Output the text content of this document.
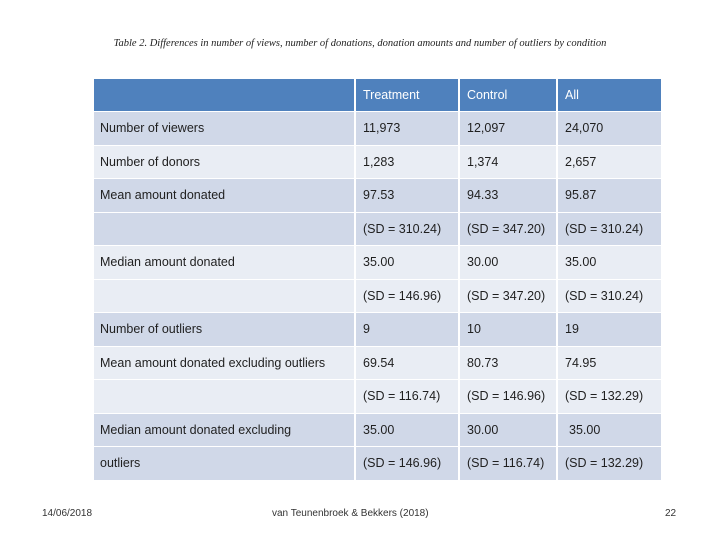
Table 2. Differences in number of views, number of donations, donation amounts and number of outliers by condition
	Treatment	Control	All
Number of viewers	11,973	12,097	24,070
Number of donors	1,283	1,374	2,657
Mean amount donated	97.53	94.33	95.87
	(SD = 310.24)	(SD = 347.20)	(SD = 310.24)
Median amount donated	35.00	30.00	35.00
	(SD = 146.96)	(SD = 347.20)	(SD = 310.24)
Number of outliers	9	10	19
Mean amount donated excluding outliers	69.54	80.73	74.95
	(SD = 116.74)	(SD = 146.96)	(SD = 132.29)
Median amount donated excluding	35.00	30.00	35.00
outliers	(SD = 146.96)	(SD = 116.74)	(SD = 132.29)
14/06/2018	van Teunenbroek & Bekkers (2018)	22
